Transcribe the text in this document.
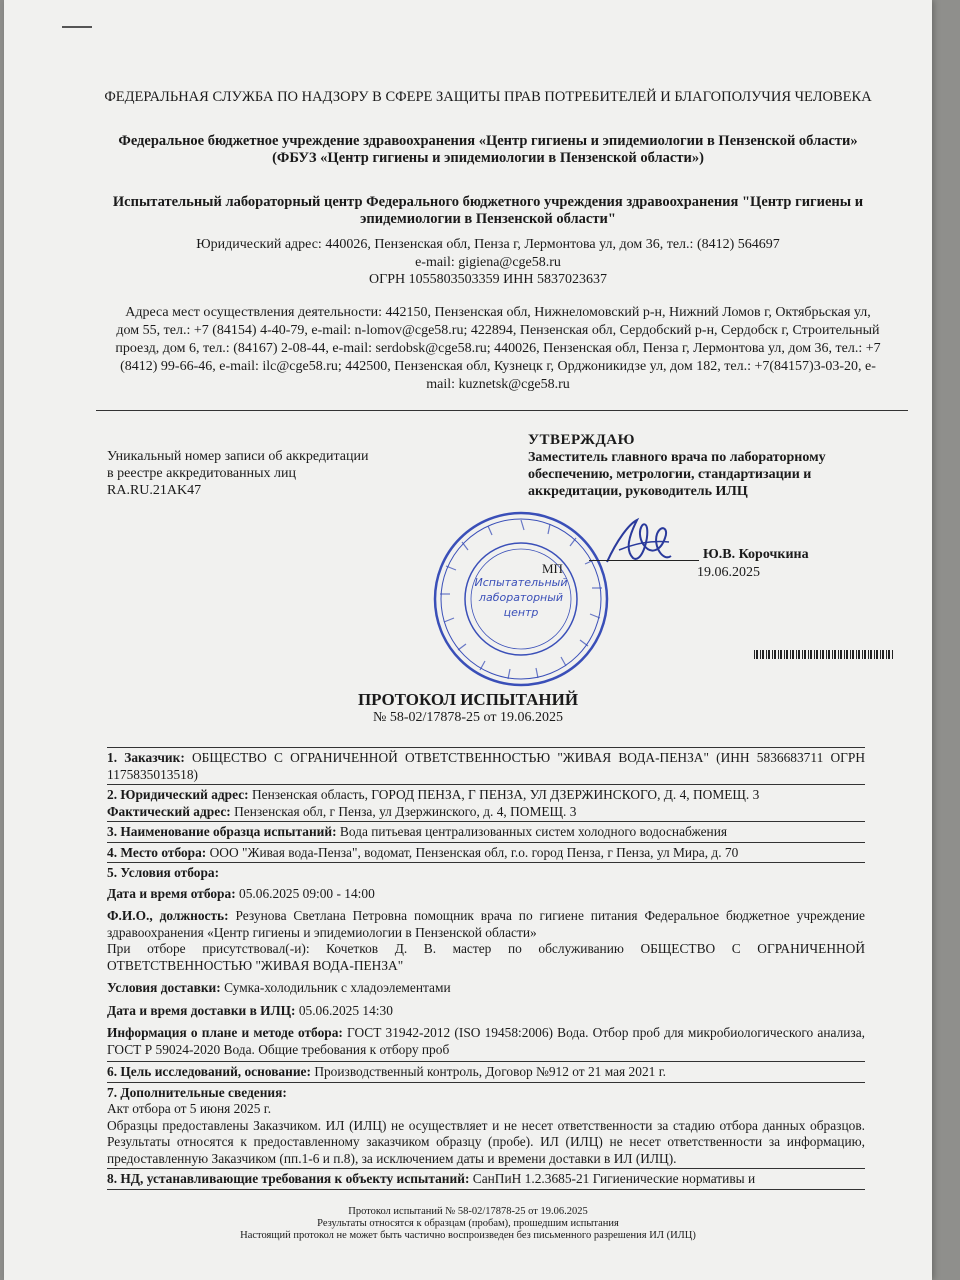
ФЕДЕРАЛЬНАЯ СЛУЖБА ПО НАДЗОРУ В СФЕРЕ ЗАЩИТЫ ПРАВ ПОТРЕБИТЕЛЕЙ И БЛАГОПОЛУЧИЯ ЧЕЛОВЕКА
Федеральное бюджетное учреждение здравоохранения «Центр гигиены и эпидемиологии в Пензенской области»
(ФБУЗ «Центр гигиены и эпидемиологии в Пензенской области»)
Испытательный лабораторный центр Федерального бюджетного учреждения здравоохранения "Центр гигиены и эпидемиологии в Пензенской области"
Юридический адрес: 440026, Пензенская обл, Пенза г, Лермонтова ул, дом 36, тел.: (8412) 564697
e-mail: gigiena@cge58.ru
ОГРН 1055803503359 ИНН 5837023637
Адреса мест осуществления деятельности: 442150, Пензенская обл, Нижнеломовский р-н, Нижний Ломов г, Октябрьская ул, дом 55, тел.: +7 (84154) 4-40-79, e-mail: n-lomov@cge58.ru; 422894, Пензенская обл, Сердобский р-н, Сердобск г, Строительный проезд, дом 6, тел.: (84167) 2-08-44, e-mail: serdobsk@cge58.ru; 440026, Пензенская обл, Пенза г, Лермонтова ул, дом 36, тел.: +7 (8412) 99-66-46, e-mail: ilc@cge58.ru; 442500, Пензенская обл, Кузнецк г, Орджоникидзе ул, дом 182, тел.: +7(84157)3-03-20, e-mail: kuznetsk@cge58.ru
Уникальный номер записи об аккредитации
в реестре аккредитованных лиц
RA.RU.21AK47
УТВЕРЖДАЮ
Заместитель главного врача по лабораторному обеспечению, метрологии, стандартизации и аккредитации, руководитель ИЛЦ
Испытательный
лабораторный
центр
Ю.В. Корочкина
МП	19.06.2025
ПРОТОКОЛ ИСПЫТАНИЙ
№ 58-02/17878-25 от 19.06.2025
1. Заказчик: ОБЩЕСТВО С ОГРАНИЧЕННОЙ ОТВЕТСТВЕННОСТЬЮ "ЖИВАЯ ВОДА-ПЕНЗА" (ИНН 5836683711 ОГРН 1175835013518)
2. Юридический адрес: Пензенская область, ГОРОД ПЕНЗА, Г ПЕНЗА, УЛ ДЗЕРЖИНСКОГО, Д. 4, ПОМЕЩ. 3
Фактический адрес: Пензенская обл, г Пенза, ул Дзержинского, д. 4, ПОМЕЩ. 3
3. Наименование образца испытаний: Вода питьевая централизованных систем холодного водоснабжения
4. Место отбора: ООО "Живая вода-Пенза", водомат, Пензенская обл, г.о. город Пенза, г Пенза, ул Мира, д. 70
5. Условия отбора:
Дата и время отбора: 05.06.2025 09:00 - 14:00
Ф.И.О., должность: Резунова Светлана Петровна помощник врача по гигиене питания Федеральное бюджетное учреждение здравоохранения «Центр гигиены и эпидемиологии в Пензенской области»
При отборе присутствовал(-и): Кочетков Д. В. мастер по обслуживанию ОБЩЕСТВО С ОГРАНИЧЕННОЙ ОТВЕТСТВЕННОСТЬЮ "ЖИВАЯ ВОДА-ПЕНЗА"
Условия доставки: Сумка-холодильник с хладоэлементами
Дата и время доставки в ИЛЦ: 05.06.2025 14:30
Информация о плане и методе отбора: ГОСТ 31942-2012 (ISO 19458:2006) Вода. Отбор проб для микробиологического анализа, ГОСТ Р 59024-2020 Вода. Общие требования к отбору проб
6. Цель исследований, основание: Производственный контроль, Договор №912 от 21 мая 2021 г.
7. Дополнительные сведения:
Акт отбора от 5 июня 2025 г.
Образцы предоставлены Заказчиком. ИЛ (ИЛЦ) не осуществляет и не несет ответственности за стадию отбора данных образцов. Результаты относятся к предоставленному заказчиком образцу (пробе). ИЛ (ИЛЦ) не несет ответственности за информацию, предоставленную Заказчиком (пп.1-6 и п.8), за исключением даты и времени доставки в ИЛ (ИЛЦ).
8. НД, устанавливающие требования к объекту испытаний: СанПиН 1.2.3685-21 Гигиенические нормативы и
Протокол испытаний № 58-02/17878-25 от 19.06.2025
Результаты относятся к образцам (пробам), прошедшим испытания
Настоящий протокол не может быть частично воспроизведен без письменного разрешения ИЛ (ИЛЦ)
